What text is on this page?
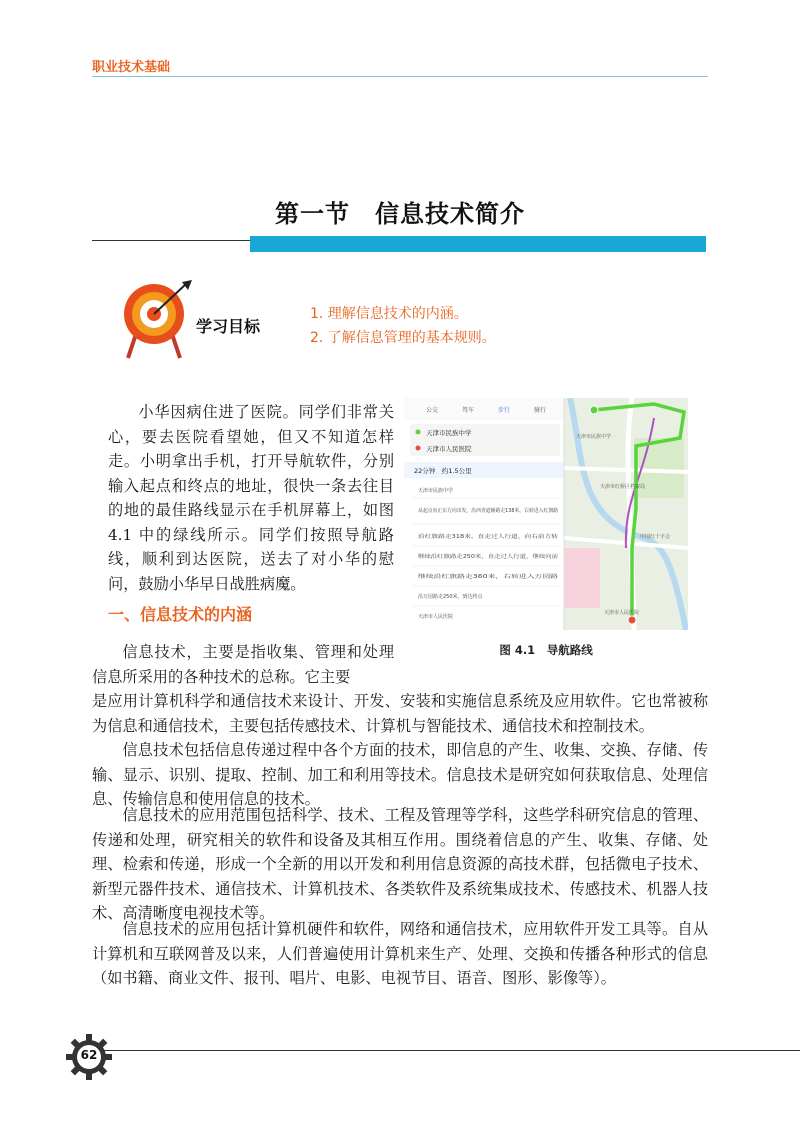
职业技术基础
第一节　信息技术简介
学习目标
1. 理解信息技术的内涵。
2. 了解信息管理的基本规则。
小华因病住进了医院。同学们非常关心，要去医院看望她，但又不知道怎样走。小明拿出手机，打开导航软件，分别输入起点和终点的地址，很快一条去往目的地的最佳路线显示在手机屏幕上，如图 4.1 中的绿线所示。同学们按照导航路线，顺利到达医院，送去了对小华的慰问，鼓励小华早日战胜病魔。
天津市民族中学
天津市红桥区档案局
天津市人民医院
中国红十字会
公交	驾车	步行	骑行
天津市民族中学
天津市人民医院
22分钟　约1.5公里
天津市民族中学
从起点向正东方向出发，沿西青道辅路走138米，右转进入红旗路
沿红旗路走318米，直走过人行道，向右前方转
继续沿红旗路走250米，直走过人行道，继续向前
继续沿红旗路走360米，右转进入万园路
沿万园路走250米，到达终点
天津市人民医院
图 4.1　导航路线
一、信息技术的内涵
信息技术，主要是指收集、管理和处理信息所采用的各种技术的总称。它主要
是应用计算机科学和通信技术来设计、开发、安装和实施信息系统及应用软件。它也常被称为信息和通信技术，主要包括传感技术、计算机与智能技术、通信技术和控制技术。
信息技术包括信息传递过程中各个方面的技术，即信息的产生、收集、交换、存储、传输、显示、识别、提取、控制、加工和利用等技术。信息技术是研究如何获取信息、处理信息、传输信息和使用信息的技术。
信息技术的应用范围包括科学、技术、工程及管理等学科，这些学科研究信息的管理、传递和处理，研究相关的软件和设备及其相互作用。围绕着信息的产生、收集、存储、处理、检索和传递，形成一个全新的用以开发和利用信息资源的高技术群，包括微电子技术、新型元器件技术、通信技术、计算机技术、各类软件及系统集成技术、传感技术、机器人技术、高清晰度电视技术等。
信息技术的应用包括计算机硬件和软件，网络和通信技术，应用软件开发工具等。自从计算机和互联网普及以来，人们普遍使用计算机来生产、处理、交换和传播各种形式的信息（如书籍、商业文件、报刊、唱片、电影、电视节目、语音、图形、影像等）。
62
